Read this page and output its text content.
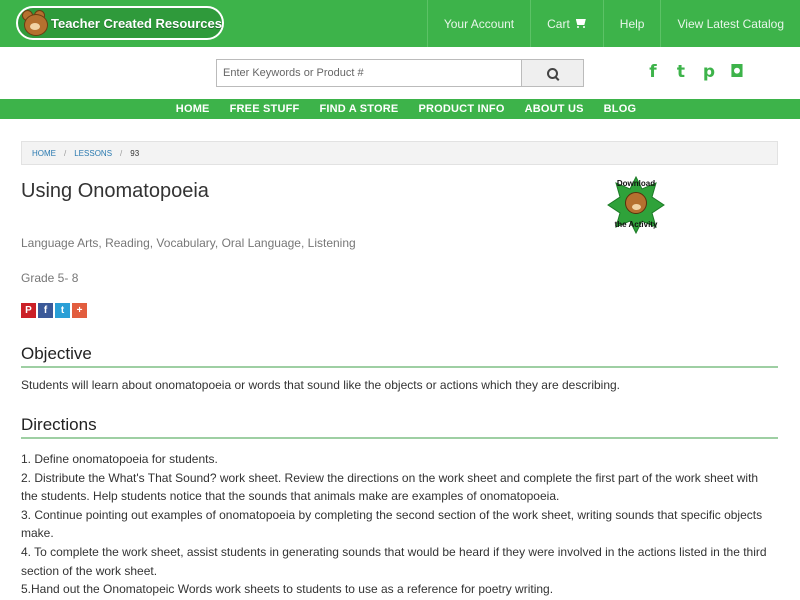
Teacher Created Resources	Your Account	Cart	Help	View Latest Catalog
Enter Keywords or Product #
f	t p ◘
HOME FREE STUFF FIND A STORE PRODUCT INFO ABOUT US BLOG
HOME / LESSONS / 93
Using Onomatopoeia	Download
the Activity
Language Arts, Reading, Vocabulary, Oral Language, Listening
Grade 5- 8
P	f	t	+
Objective
Students will learn about onomatopoeia or words that sound like the objects or actions which they are describing.
Directions

1. Define onomatopoeia for students.

2. Distribute the What's That Sound? work sheet. Review the directions on the work sheet and complete the first part of the work sheet with the students. Help students notice that the sounds that animals make are examples of onomatopoeia.

3. Continue pointing out examples of onomatopoeia by completing the second section of the work sheet, writing sounds that specific objects make.

4. To complete the work sheet, assist students in generating sounds that would be heard if they were involved in the actions listed in the third section of the work sheet.

5.Hand out the Onomatopeic Words work sheets to students to use as a reference for poetry writing.
